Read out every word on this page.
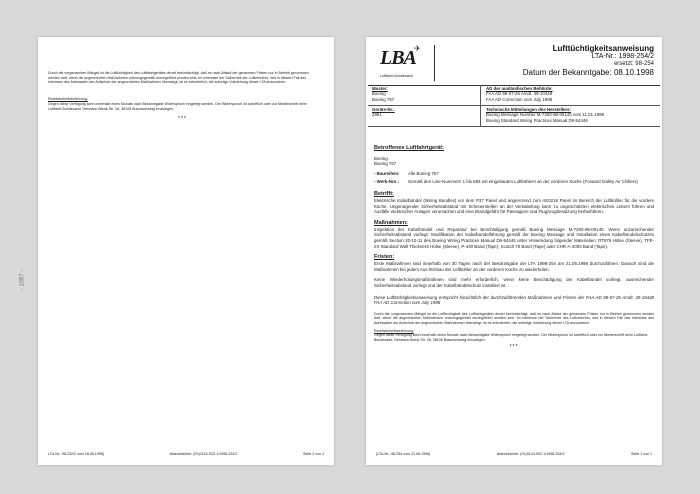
Durch die vorgenannten Mängel ist die Lufttüchtigkeit des Luftfahrtgerätes derart beeinträchtigt, daß es nach Ablauf der genannten Fristen nur in Betrieb genommen werden darf, wenn die angeordneten Maßnahmen ordnungsgemäß durchgeführt worden sind. Im Interesse der Sicherheit der Luftverkehrs, des in diesem Fall das Interesse des Adressaten am Aufschub der angeordneten Maßnahmen überwiegt, ist es erforderlich, die sofortige Vollziehung dieser LTA anzuordnen.
Rechtsbehelfsbelehrung:
Gegen diese Verfügung kann innerhalb eines Monats nach Bekanntgabe Widerspruch eingelegt werden. Der Widerspruch ist schriftlich oder zur Niederschrift beim Luftfahrt-Bundesamt, Hermann-Blenk-Str. 26, 38108 Braunschweig einzulegen.
***
- 1067 -
LTA-Nr.: 98-232/2 vom 18.08.1998)	Aktenzeichen: (01)0143-S02.1/1998-232/2	Seite 2 von 2
✈
LBA
Luftfahrt-Bundesamt
Lufttüchtigkeitsanweisung
LTA-Nr.: 1998-254/2
ersetzt: 98-254
Datum der Bekanntgabe: 08.10.1998
Muster:
Boeing
Boeing 767
AD der ausländischen Behörde:
FAA AD 98-07-26 Amdt. 39-10448
FAA AD Correction vom July 1998
Geräte-Nr.:
2851
Technische Mitteilungen des Herstellers:
Boeing Message Number M-7200-98-00140 vom 11.01.1998
Boeing Standard Wiring Practices Manual D6-54446
Betroffenes Luftfahrtgerät:
Boeing
Boeing 767
- Baureihen:	Alle Boeing 767
- Werk-Nrn.:	Gemäß den Line-Nummern 1 bis 683 mit eingebauten Luftkühlern an der vorderen Küche (Forward Galley Air Chillers)
Betrifft:
Elektrische Kabelbündel (Wiring Bundles) vor dem P37 Panel und angrenzend zum AE0218 Panel im Bereich der Luftkühler für die vordere Küche. Ungenügender Sicherheitsabstand mit Scheuerstellen an der Verkabelung kann zu ungeschützten elektrischen Leitern führen und Ausfälle elektrischer Anlagen verursachen und eine Brandgefahr für Passagiere und Flugzeugbesatzung herbeiführen.
Maßnahmen:
Inspektion der Kabelbündel und Reparatur bei Beschädigung gemäß Boeing Message M-7200-98-00140. Wenn unzureichender Sicherheitsabstand vorliegt: Modifikation der Kabelbündelführung gemäß der Boeing Message und Installation eines Kabelbündelschutzes gemäß Section 20-10-11 des Boeing Wiring Practices Manual D6-54446 unter Verwendung folgender Materialien: RT876 Hülse (Sleeve), TFE-2X Standard Wall Thickness Hülse (Sleeve), P-440 Band (Tape), Scotch 70 Band (Tape) oder CHR-A-2005 Band (Tape).
Fristen:
Erste Maßnahmen sind innerhalb von 30 Tagen nach der Bekanntgabe der LTA 1998-254 am 21.05.1998 durchzuführen. Danach sind die Maßnahmen bei jedem Aus-/Einbau der Luftkühler an der vorderen Küche zu wiederholen.
Keine Wiederholungsmaßnahmen sind mehr erforderlich, wenn keine Beschädigung der Kabelbündel vorliegt, ausreichender Sicherheitsabstand vorliegt und der Kabelbündelschutz installiert ist.
Diese Lufttüchtigkeitsanweisung entspricht hinsichtlich der durchzuführenden Maßnahmen und Fristen der FAA AD 98-07-26 Amdt. 39-10448 FAA AD Correction vom July 1998
Durch die vorgenannten Mängel ist die Lufttüchtigkeit des Luftfahrtgerätes derart beeinträchtigt, daß es nach Ablauf der genannten Fristen nur in Betrieb genommen werden darf, wenn die angeordneten Maßnahmen ordnungsgemäß durchgeführt worden sind. Im Interesse der Sicherheit des Luftverkehrs, des in diesem Fall das Interesse des Adressaten am Aufschub der angeordneten Maßnahmen überwiegt, ist es erforderlich, die sofortige Vollziehung dieser LTA anzuordnen.
Rechtsbehelfsbelehrung:
Gegen diese Verfügung kann innerhalb eines Monats nach Bekanntgabe Widerspruch eingelegt werden. Der Widerspruch ist schriftlich oder zur Niederschrift beim Luftfahrt-Bundesamt, Hermann-Blenk-Str. 26, 38108 Braunschweig einzulegen.
***
(LTA-Nr.: 98-254 vom 21.08.1998)	Aktenzeichen: (01)0124-S02.1/1998-254/2	Seite 1 von 1
